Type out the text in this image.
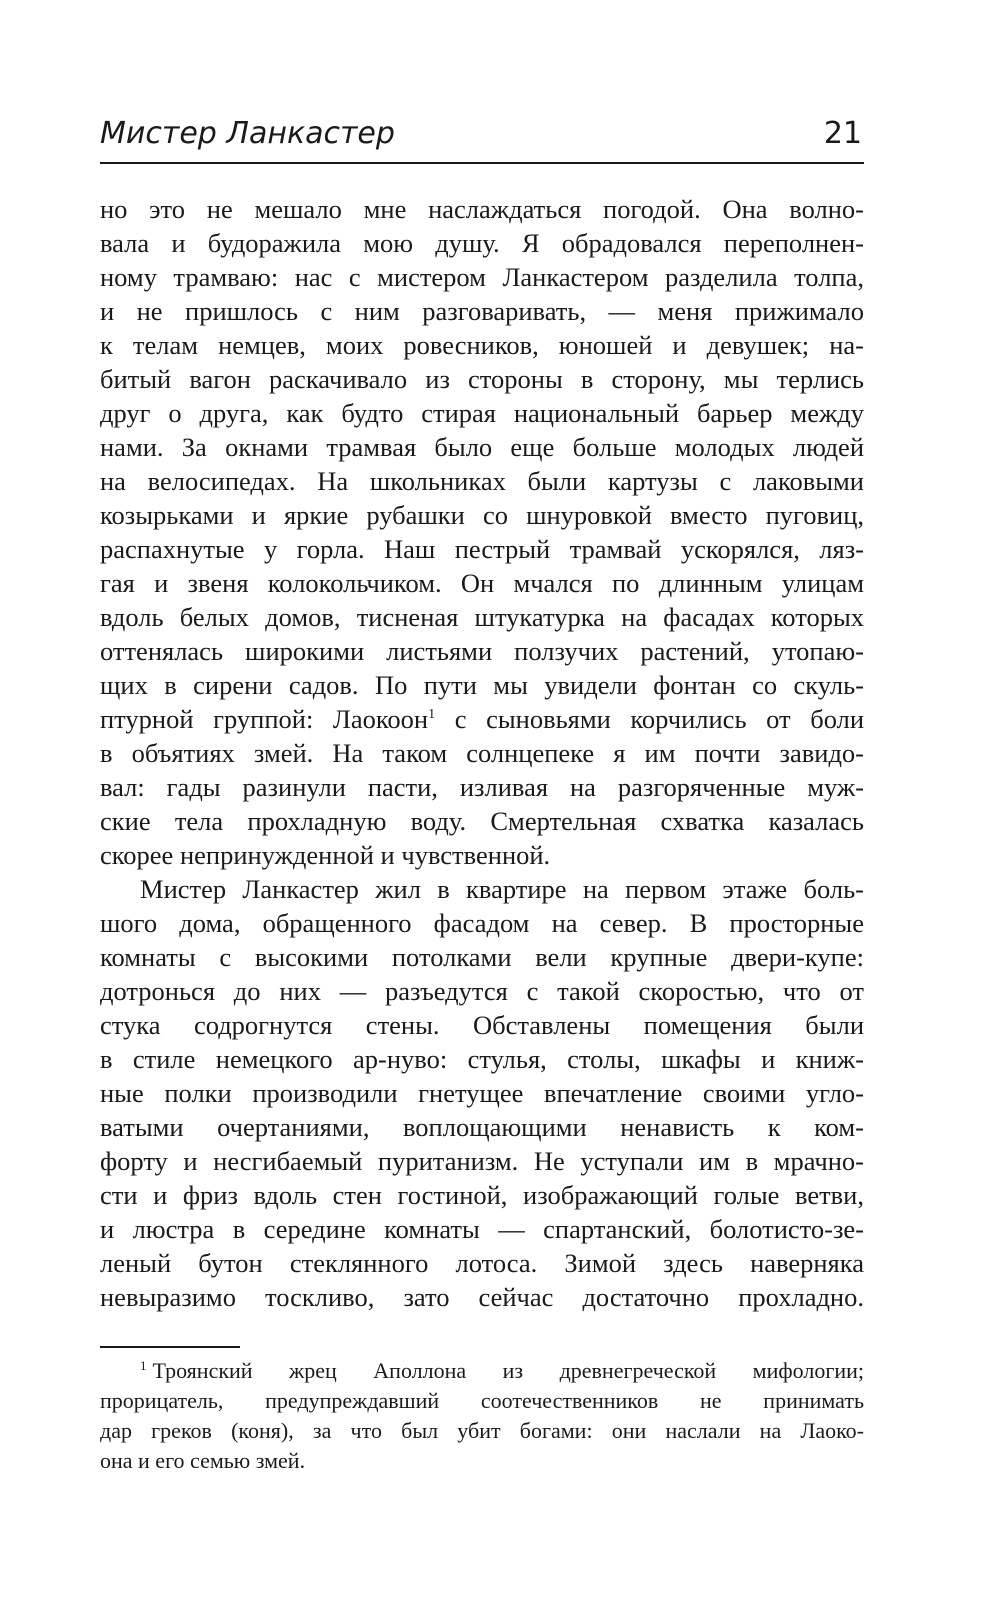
Мистер Ланкастер	21
но это не мешало мне наслаждаться погодой. Она волно-
вала и будоражила мою душу. Я обрадовался переполнен-
ному трамваю: нас с мистером Ланкастером разделила толпа,
и не пришлось с ним разговаривать, — меня прижимало
к телам немцев, моих ровесников, юношей и девушек; на-
битый вагон раскачивало из стороны в сторону, мы терлись
друг о друга, как будто стирая национальный барьер между
нами. За окнами трамвая было еще больше молодых людей
на велосипедах. На школьниках были картузы с лаковыми
козырьками и яркие рубашки со шнуровкой вместо пуговиц,
распахнутые у горла. Наш пестрый трамвай ускорялся, ляз-
гая и звеня колокольчиком. Он мчался по длинным улицам
вдоль белых домов, тисненая штукатурка на фасадах которых
оттенялась широкими листьями ползучих растений, утопаю-
щих в сирени садов. По пути мы увидели фонтан со скуль-
птурной группой: Лаокоон$^1$ с сыновьями корчились от боли
в объятиях змей. На таком солнцепеке я им почти завидо-
вал: гады разинули пасти, изливая на разгоряченные муж-
ские тела прохладную воду. Смертельная схватка казалась
скорее непринужденной и чувственной.
Мистер Ланкастер жил в квартире на первом этаже боль-
шого дома, обращенного фасадом на север. В просторные
комнаты с высокими потолками вели крупные двери-купе:
дотронься до них — разъедутся с такой скоростью, что от
стука содрогнутся стены. Обставлены помещения были
в стиле немецкого ар-нуво: стулья, столы, шкафы и книж-
ные полки производили гнетущее впечатление своими угло-
ватыми очертаниями, воплощающими ненависть к ком-
форту и несгибаемый пуританизм. Не уступали им в мрачно-
сти и фриз вдоль стен гостиной, изображающий голые ветви,
и люстра в середине комнаты — спартанский, болотисто-зе-
леный бутон стеклянного лотоса. Зимой здесь наверняка
невыразимо тоскливо, зато сейчас достаточно прохладно.
$^1$ Троянский жрец Аполлона из древнегреческой мифологии;
прорицатель, предупреждавший соотечественников не принимать
дар греков (коня), за что был убит богами: они наслали на Лаоко-
она и его семью змей.
